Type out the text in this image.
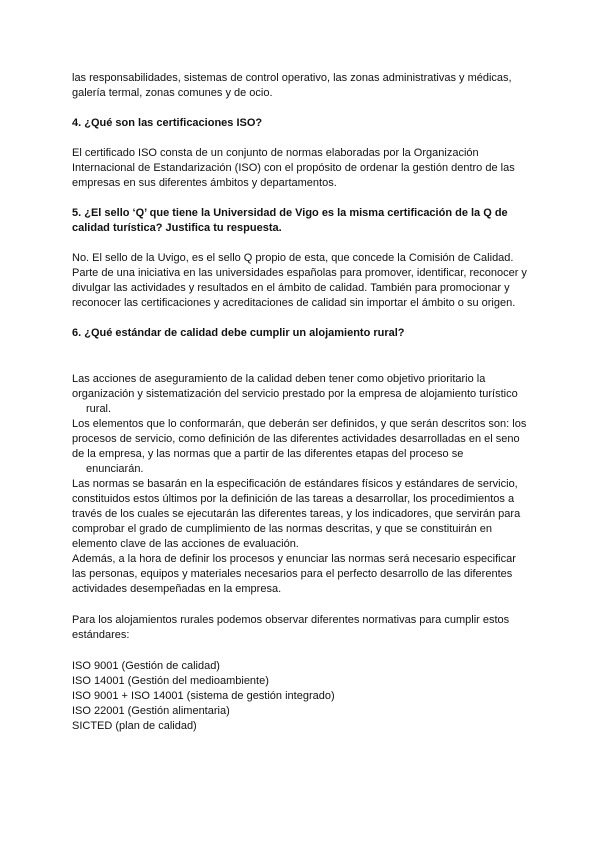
las responsabilidades, sistemas de control operativo, las zonas administrativas y médicas, galería termal, zonas comunes y de ocio.

4. ¿Qué son las certificaciones ISO?

El certificado ISO consta de un conjunto de normas elaboradas por la Organización Internacional de Estandarización (ISO) con el propósito de ordenar la gestión dentro de las empresas en sus diferentes ámbitos y departamentos.

5. ¿El sello ‘Q’ que tiene la Universidad de Vigo es la misma certificación de la Q de calidad turística? Justifica tu respuesta.

No. El sello de la Uvigo, es el sello Q propio de esta, que concede la Comisión de Calidad. Parte de una iniciativa en las universidades españolas para promover, identificar, reconocer y divulgar las actividades y resultados en el ámbito de calidad. También para promocionar y reconocer las certificaciones y acreditaciones de calidad sin importar el ámbito o su origen.

6. ¿Qué estándar de calidad debe cumplir un alojamiento rural?

Las acciones de aseguramiento de la calidad deben tener como objetivo prioritario la organización y sistematización del servicio prestado por la empresa de alojamiento turístico
rural.

Los elementos que lo conformarán, que deberán ser definidos, y que serán descritos son: los procesos de servicio, como definición de las diferentes actividades desarrolladas en el seno de la empresa, y las normas que a partir de las diferentes etapas del proceso se
enunciarán.

Las normas se basarán en la especificación de estándares físicos y estándares de servicio,
constituidos estos últimos por la definición de las tareas a desarrollar, los procedimientos a través de los cuales se ejecutarán las diferentes tareas, y los indicadores, que servirán para comprobar el grado de cumplimiento de las normas descritas, y que se constituirán en elemento clave de las acciones de evaluación.

Además, a la hora de definir los procesos y enunciar las normas será necesario especificar las personas, equipos y materiales necesarios para el perfecto desarrollo de las diferentes
actividades desempeñadas en la empresa.

Para los alojamientos rurales podemos observar diferentes normativas para cumplir estos
estándares:

ISO 9001 (Gestión de calidad)
ISO 14001 (Gestión del medioambiente)
ISO 9001 + ISO 14001 (sistema de gestión integrado)
ISO 22001 (Gestión alimentaria)
SICTED (plan de calidad)
